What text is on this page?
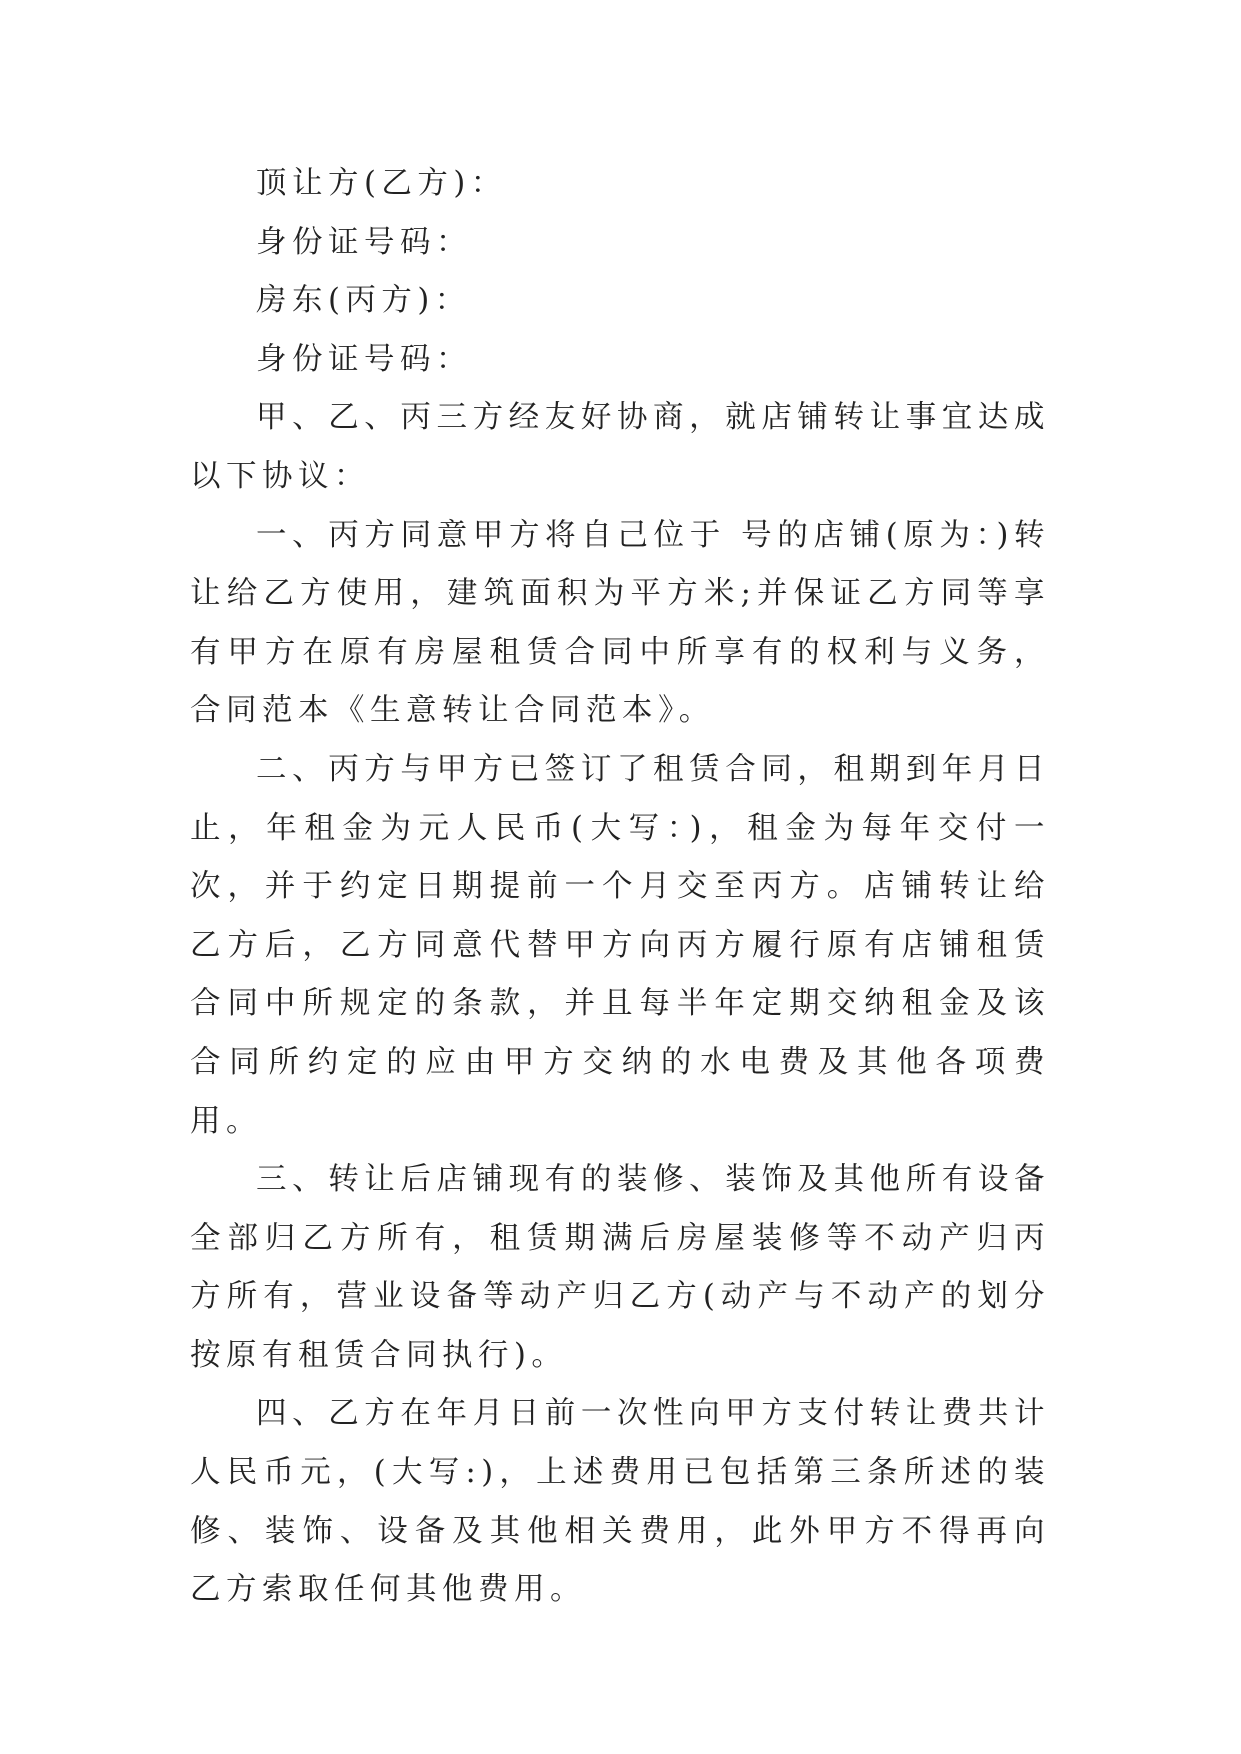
顶让方(乙方)：

身份证号码：

房东(丙方)：

身份证号码：

甲、乙、丙三方经友好协商，就店铺转让事宜达成以下协议：

一、丙方同意甲方将自己位于 号的店铺(原为：)转让给乙方使用，建筑面积为平方米;并保证乙方同等享有甲方在原有房屋租赁合同中所享有的权利与义务，合同范本《生意转让合同范本》。

二、丙方与甲方已签订了租赁合同，租期到年月日止，年租金为元人民币(大写：)，租金为每年交付一次，并于约定日期提前一个月交至丙方。店铺转让给乙方后，乙方同意代替甲方向丙方履行原有店铺租赁合同中所规定的条款，并且每半年定期交纳租金及该合同所约定的应由甲方交纳的水电费及其他各项费用。

三、转让后店铺现有的装修、装饰及其他所有设备全部归乙方所有，租赁期满后房屋装修等不动产归丙方所有，营业设备等动产归乙方(动产与不动产的划分按原有租赁合同执行)。

四、乙方在年月日前一次性向甲方支付转让费共计人民币元，(大写:)，上述费用已包括第三条所述的装修、装饰、设备及其他相关费用，此外甲方不得再向乙方索取任何其他费用。
